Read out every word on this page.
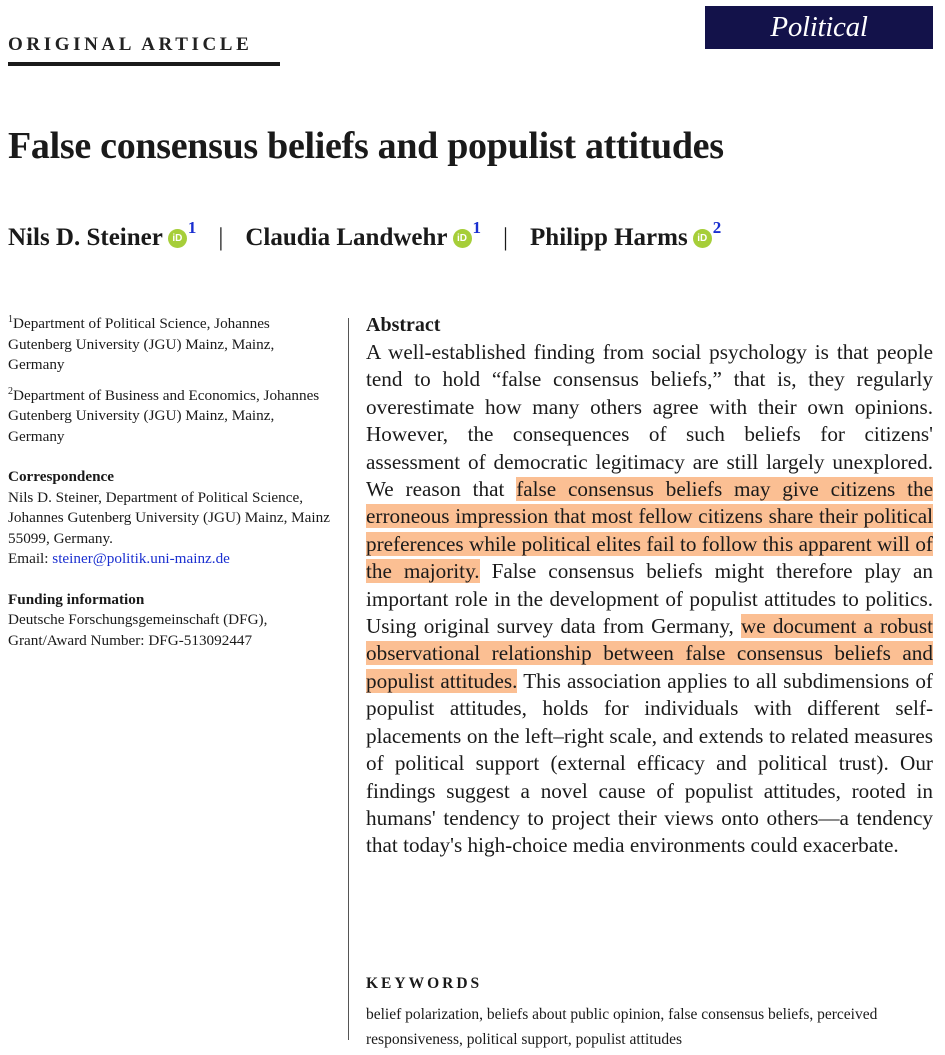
Political Psychology
ORIGINAL ARTICLE
False consensus beliefs and populist attitudes
Nils D. Steiner iD
1 | Claudia Landwehr iD
1 | Philipp Harms iD
2

$^1$Department of Political Science, Johannes Gutenberg University (JGU) Mainz, Mainz, Germany

$^2$Department of Business and Economics, Johannes Gutenberg University (JGU) Mainz, Mainz, Germany

Correspondence

Nils D. Steiner, Department of Political Science, Johannes Gutenberg University (JGU) Mainz, Mainz 55099, Germany.
Email: steiner@politik.uni-mainz.de

Funding information

Deutsche Forschungsgemeinschaft (DFG), Grant/Award Number: DFG-513092447

Abstract

A well-established finding from social psychology is that people tend to hold “false consensus beliefs,” that is, they regularly overestimate how many others agree with their own opinions. However, the consequences of such beliefs for citizens' assessment of democratic legitimacy are still largely unexplored. We reason that false consensus beliefs may give citizens the erroneous impression that most fellow citizens share their political preferences while political elites fail to follow this apparent will of the majority. False consensus beliefs might therefore play an important role in the development of populist attitudes to politics. Using original survey data from Germany, we document a robust observational relationship between false consensus beliefs and populist attitudes. This association applies to all subdimensions of populist attitudes, holds for individuals with different self-placements on the left–right scale, and extends to related measures of political support (external efficacy and political trust). Our findings suggest a novel cause of populist attitudes, rooted in humans' tendency to project their views onto others—a tendency that today's high-choice media environments could exacerbate.

KEYWORDS

belief polarization, beliefs about public opinion, false consensus beliefs, perceived responsiveness, political support, populist attitudes
